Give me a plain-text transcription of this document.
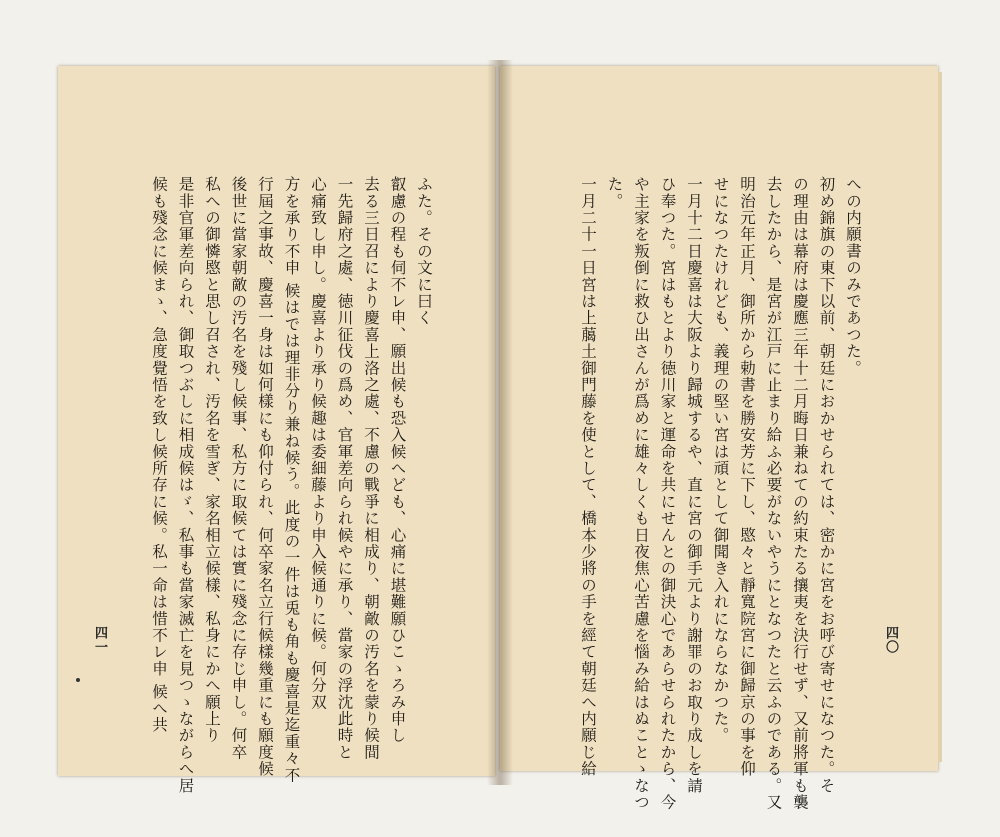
ふた。その文に曰く
叡慮の程も伺不レ申、願出候も恐入候へども、心痛に堪難願ひこゝろみ申し
去る三日召により慶喜上洛之處、不慮の戰爭に相成り、朝敵の汚名を蒙り候間
一先歸府之處、徳川征伐の爲め、官軍差向られ候やに承り、當家の浮沈此時と
心痛致し申し。慶喜より承り候趣は委細藤より申入候通りに候。何分双
方を承り不申 候はでは理非分り兼ね候う。此度の一件は兎も角も慶喜是迄重々不
行屆之事故、慶喜一身は如何樣にも仰付られ、何卒家名立行候樣幾重にも願度候
後世に當家朝敵の汚名を殘し候事、私方に取候ては實に殘念に存じ申し。何卒
私への御憐愍と思し召され、汚名を雪ぎ、家名相立候樣、私身にかへ願上り
是非官軍差向られ、御取つぶしに相成候はゞ、私事も當家滅亡を見つゝながらへ居
候も殘念に候まゝ、急度覺悟を致し候所存に候。私一命は惜不レ申 候へ共
四一
への内願書のみであつた。
初め錦旗の東下以前、朝廷におかせられては、密かに宮をお呼び寄せになつた。そ
の理由は幕府は慶應三年十二月晦日兼ねての約束たる攘夷を決行せず、又前將軍も襲
去したから、是宮が江戸に止まり給ふ必要がないやうにとなつたと云ふのである。又
明治元年正月、御所から勅書を勝安芳に下し、愍々と靜寬院宮に御歸京の事を仰
せになつたけれども、義理の堅い宮は頑として御聞き入れにならなかつた。
一月十二日慶喜は大阪より歸城するや、直に宮の御手元より謝罪のお取り成しを請
ひ奉つた。宮はもとより徳川家と運命を共にせんとの御決心であらせられたから、今
や主家を叛倒に救ひ出さんが爲めに雄々しくも日夜焦心苦慮を惱み給はぬことゝなつ
た。
一月二十一日宮は上﨟土御門藤を使として、橋本少將の手を經て朝廷へ内願じ給	四〇
